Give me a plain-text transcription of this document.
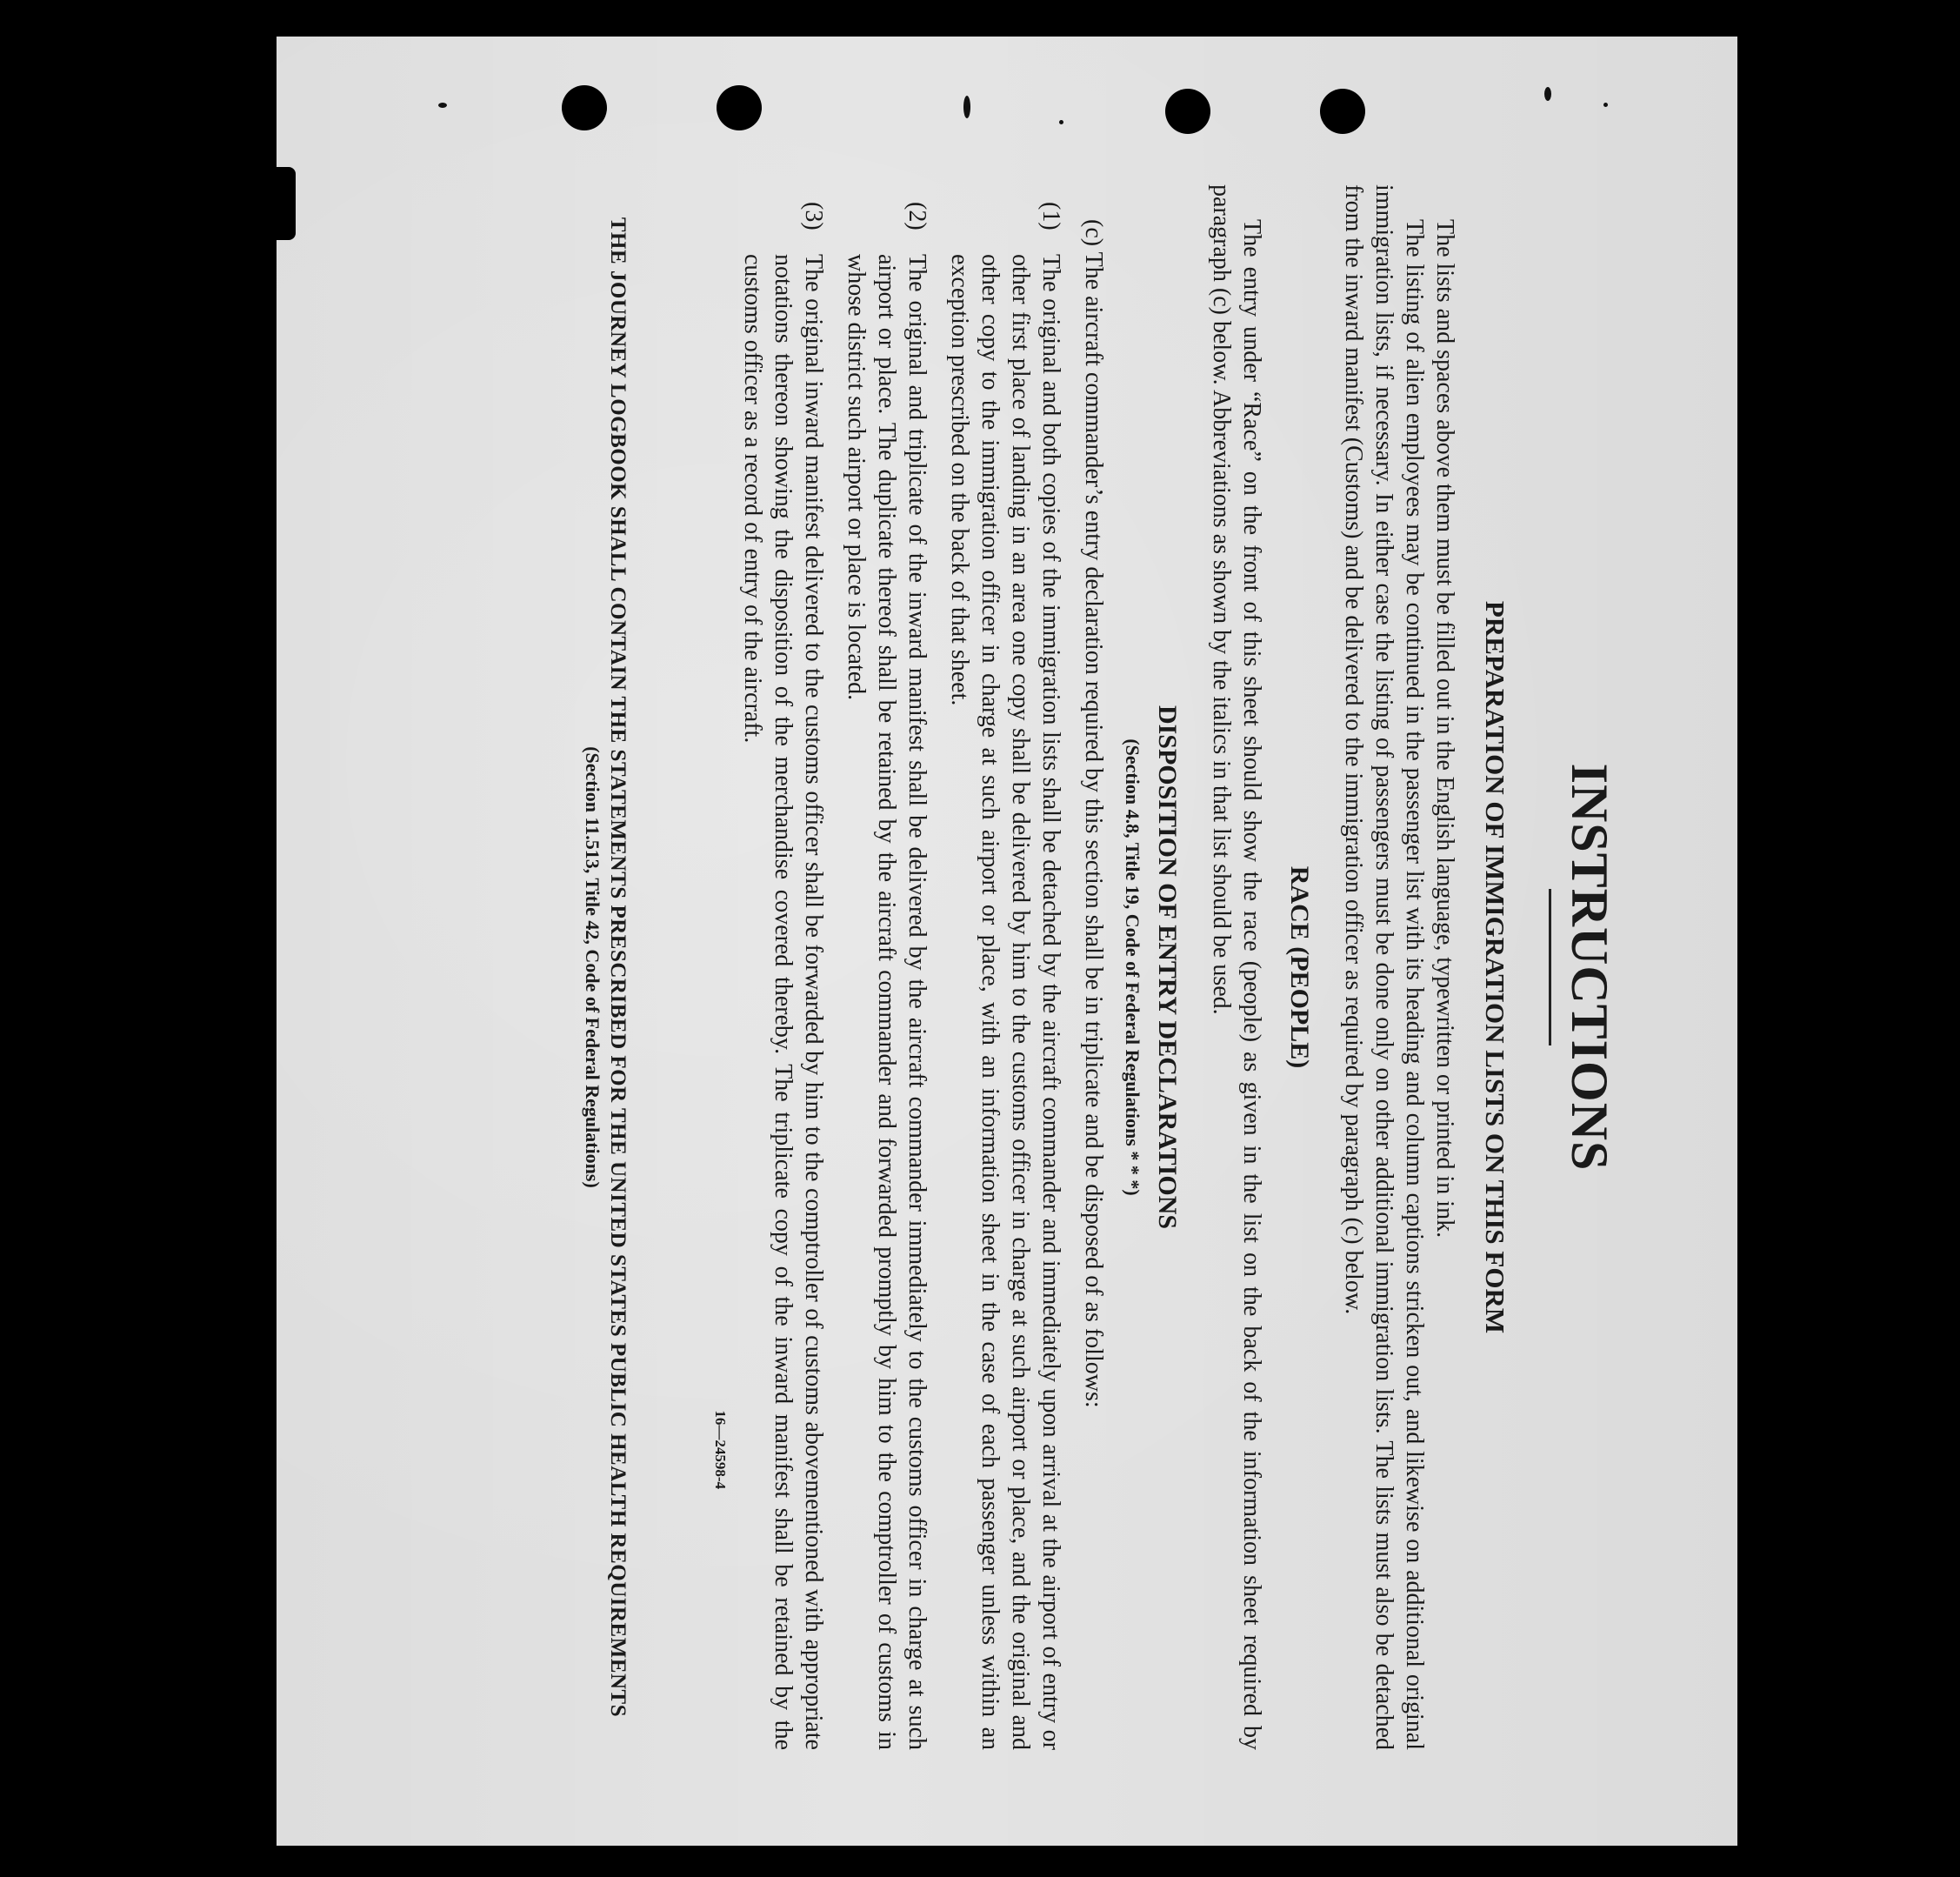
INSTRUCTIONS
PREPARATION OF IMMIGRATION LISTS ON THIS FORM

The lists and spaces above them must be filled out in the English language, typewritten or printed in ink.

The listing of alien employees may be continued in the passenger list with its heading and column captions stricken out, and likewise on additional original immigration lists, if necessary. In either case the listing of passengers must be done only on other additional immigration lists. The lists must also be detached from the inward manifest (Customs) and be delivered to the immigration officer as required by paragraph (c) below.

RACE (PEOPLE)

The entry under “Race” on the front of this sheet should show the race (people) as given in the list on the back of the information sheet required by paragraph (c) below. Abbreviations as shown by the italics in that list should be used.

DISPOSITION OF ENTRY DECLARATIONS
(Section 4.8, Title 19, Code of Federal Regulations * * *)

(c) The aircraft commander’s entry declaration required by this section shall be in triplicate and be disposed of as follows:

(1)
The original and both copies of the immigration lists shall be detached by the aircraft commander and immediately upon arrival at the airport of entry or other first place of landing in an area one copy shall be delivered by him to the customs officer in charge at such airport or place, and the original and other copy to the immigration officer in charge at such airport or place, with an information sheet in the case of each passenger unless within an exception prescribed on the back of that sheet.
(2)
The original and triplicate of the inward manifest shall be delivered by the aircraft commander immediately to the customs officer in charge at such airport or place. The duplicate thereof shall be retained by the aircraft commander and forwarded promptly by him to the comptroller of customs in whose district such airport or place is located.
(3)
The original inward manifest delivered to the customs officer shall be forwarded by him to the comptroller of customs abovementioned with appropriate notations thereon showing the disposition of the merchandise covered thereby. The triplicate copy of the inward manifest shall be retained by the customs officer as a record of entry of the aircraft.
16—24598-4
THE JOURNEY LOGBOOK SHALL CONTAIN THE STATEMENTS PRESCRIBED FOR THE UNITED STATES PUBLIC HEALTH REQUIREMENTS
(Section 11.513, Title 42, Code of Federal Regulations)
